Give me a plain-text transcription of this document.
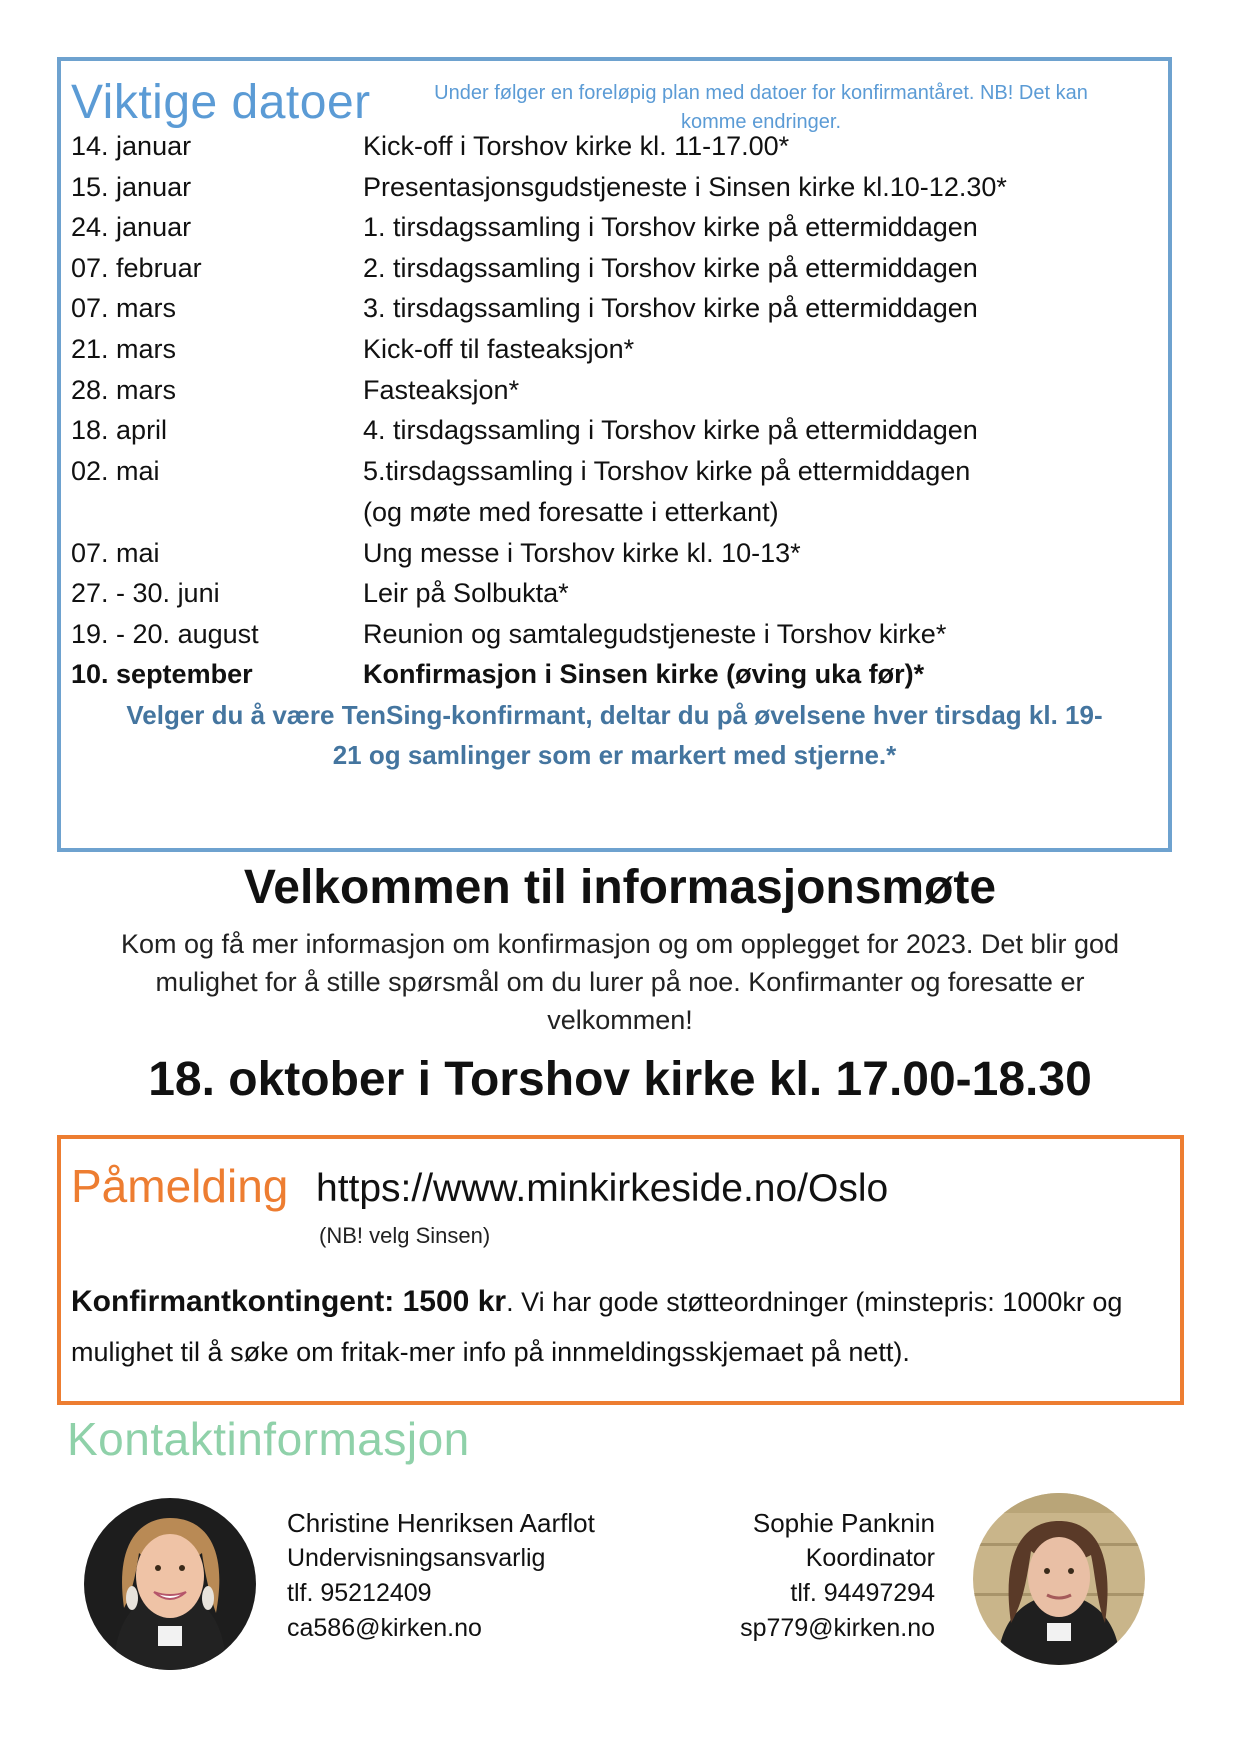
Viktige datoer	Under følger en foreløpig plan med datoer for konfirmantåret. NB! Det kan komme endringer.
14. januar	Kick-off i Torshov kirke kl. 11-17.00*
15. januar	Presentasjonsgudstjeneste i Sinsen kirke kl.10-12.30*
24. januar	1. tirsdagssamling i Torshov kirke på ettermiddagen
07. februar	2. tirsdagssamling i Torshov kirke på ettermiddagen
07. mars	3. tirsdagssamling i Torshov kirke på ettermiddagen
21. mars	Kick-off til fasteaksjon*
28. mars	Fasteaksjon*
18. april	4. tirsdagssamling i Torshov kirke på ettermiddagen
02. mai	5.tirsdagssamling i Torshov kirke på ettermiddagen
(og møte med foresatte i etterkant)
07. mai	Ung messe i Torshov kirke kl. 10-13*
27. - 30. juni	Leir på Solbukta*
19. - 20. august	Reunion og samtalegudstjeneste i Torshov kirke*
10. september	Konfirmasjon i Sinsen kirke (øving uka før)*
Velger du å være TenSing-konfirmant, deltar du på øvelsene hver tirsdag kl. 19-
21 og samlinger som er markert med stjerne.*
Velkommen til informasjonsmøte
Kom og få mer informasjon om konfirmasjon og om opplegget for 2023. Det blir god mulighet for å stille spørsmål om du lurer på noe. Konfirmanter og foresatte er velkommen!
18. oktober i Torshov kirke kl. 17.00-18.30
Påmelding https://www.minkirkeside.no/Oslo
(NB! velg Sinsen)
Konfirmantkontingent: 1500 kr. Vi har gode støtteordninger (minstepris: 1000kr og mulighet til å søke om fritak-mer info på innmeldingsskjemaet på nett).
Kontaktinformasjon
Christine Henriksen Aarflot
Undervisningsansvarlig
tlf. 95212409
ca586@kirken.no
Sophie Panknin
Koordinator
tlf. 94497294
sp779@kirken.no
